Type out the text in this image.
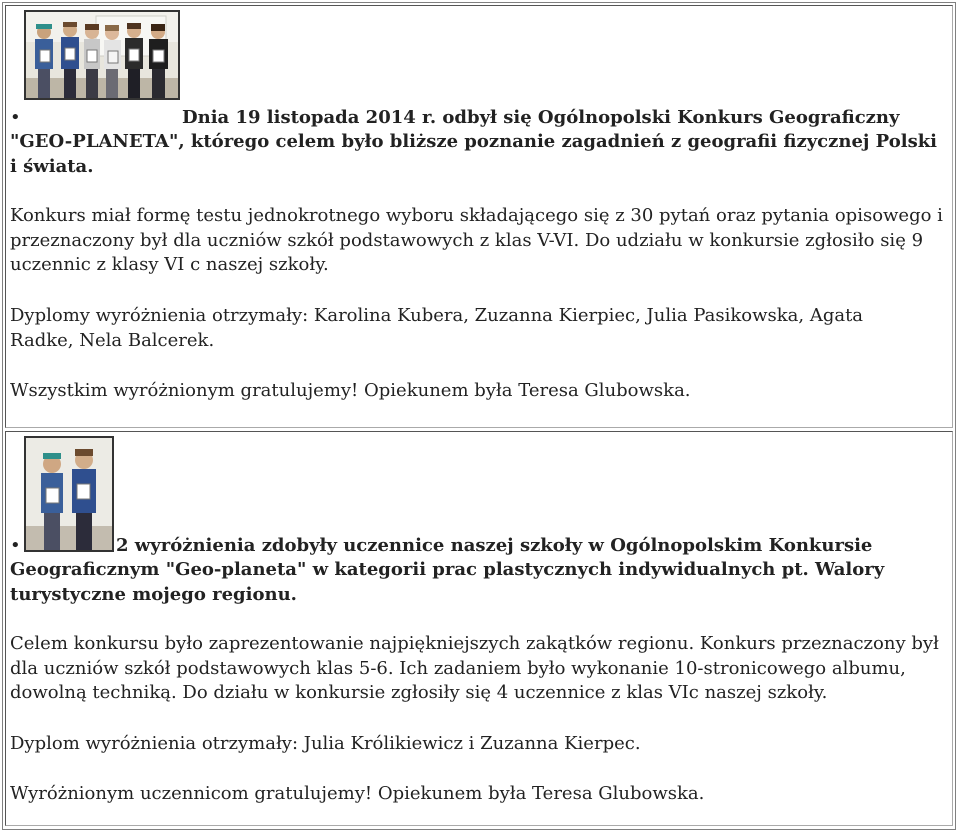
•	Dnia 19 listopada 2014 r. odbył się Ogólnopolski Konkurs Geograficzny

"GEO-PLANETA", którego celem było bliższe poznanie zagadnień z geografii fizycznej Polski i świata.

Konkurs miał formę testu jednokrotnego wyboru składającego się z 30 pytań oraz pytania opisowego i przeznaczony był dla uczniów szkół podstawowych z klas V-VI. Do udziału w konkursie zgłosiło się 9 uczennic z klasy VI c naszej szkoły.

Dyplomy wyróżnienia otrzymały: Karolina Kubera, Zuzanna Kierpiec, Julia Pasikowska, Agata Radke, Nela Balcerek.

Wszystkim wyróżnionym gratulujemy! Opiekunem była Teresa Glubowska.

•	2 wyróżnienia zdobyły uczennice naszej szkoły w Ogólnopolskim Konkursie

Geograficznym "Geo-planeta" w kategorii prac plastycznych indywidualnych pt. Walory turystyczne mojego regionu.

Celem konkursu było zaprezentowanie najpiękniejszych zakątków regionu. Konkurs przeznaczony był dla uczniów szkół podstawowych klas 5-6. Ich zadaniem było wykonanie 10-stronicowego albumu, dowolną techniką. Do działu w konkursie zgłosiły się 4 uczennice z klas VIc naszej szkoły.

Dyplom wyróżnienia otrzymały: Julia Królikiewicz i Zuzanna Kierpec.

Wyróżnionym uczennicom gratulujemy! Opiekunem była Teresa Glubowska.
